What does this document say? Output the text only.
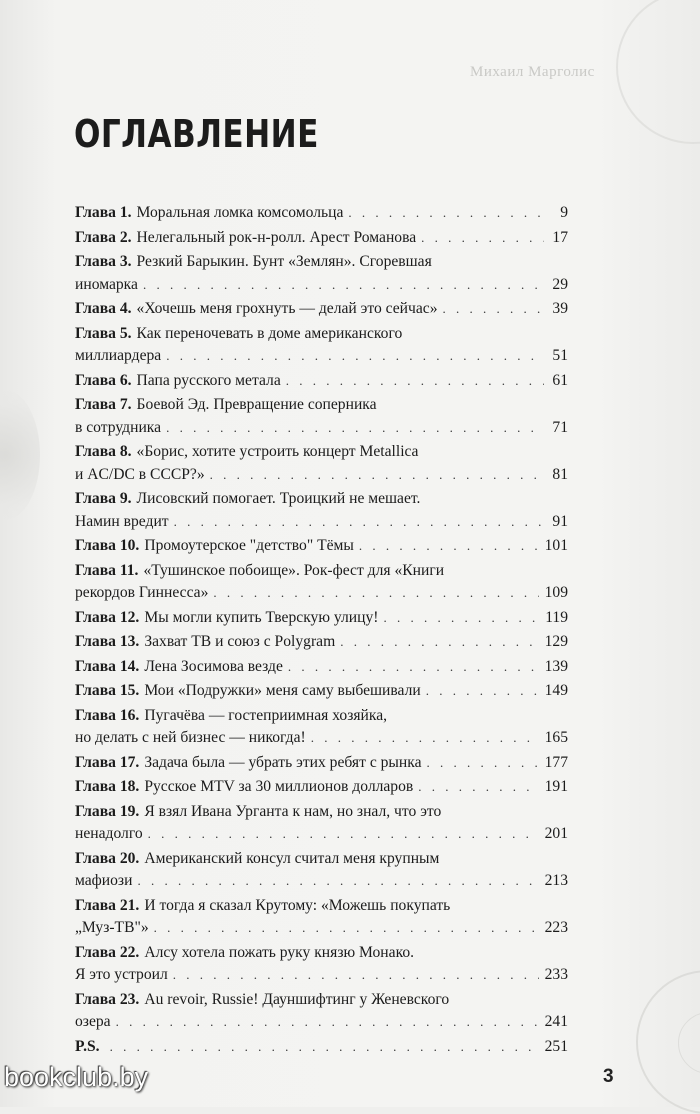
Михаил Марголис
ОГЛАВЛЕНИЕ
Глава 1. Моральная ломка комсомольца . . .	9
Глава 2. Нелегальный рок-н-ролл. Арест Романова . . .	17
Глава 3. Резкий Барыкин. Бунт «Землян». Сгоревшая
иномарка . . .	29
Глава 4. «Хочешь меня грохнуть — делай это сейчас» . . .	39
Глава 5. Как переночевать в доме американского
миллиардера . . .	51
Глава 6. Папа русского метала . . .	61
Глава 7. Боевой Эд. Превращение соперника
в сотрудника . . .	71
Глава 8. «Борис, хотите устроить концерт Metallica
и AC/DC в СССР?» . . .	81
Глава 9. Лисовский помогает. Троицкий не мешает.
Намин вредит . . .	91
Глава 10. Промоутерское "детство" Тёмы . . .	101
Глава 11. «Тушинское побоище». Рок-фест для «Книги
рекордов Гиннесса» . . .	109
Глава 12. Мы могли купить Тверскую улицу! . . .	119
Глава 13. Захват ТВ и союз с Polygram . . .	129
Глава 14. Лена Зосимова везде . . .	139
Глава 15. Мои «Подружки» меня саму выбешивали . . .	149
Глава 16. Пугачёва — гостеприимная хозяйка,
но делать с ней бизнес — никогда! . . .	165
Глава 17. Задача была — убрать этих ребят с рынка . . .	177
Глава 18. Русское MTV за 30 миллионов долларов . . .	191
Глава 19. Я взял Ивана Урганта к нам, но знал, что это
ненадолго . . .	201
Глава 20. Американский консул считал меня крупным
мафиози . . .	213
Глава 21. И тогда я сказал Крутому: «Можешь покупать
„Муз-ТВ"» . . .	223
Глава 22. Алсу хотела пожать руку князю Монако.
Я это устроил . . .	233
Глава 23. Au revoir, Russie! Дауншифтинг у Женевского
озера . . .	241
P.S. . . .	251
3
bookclub.by
